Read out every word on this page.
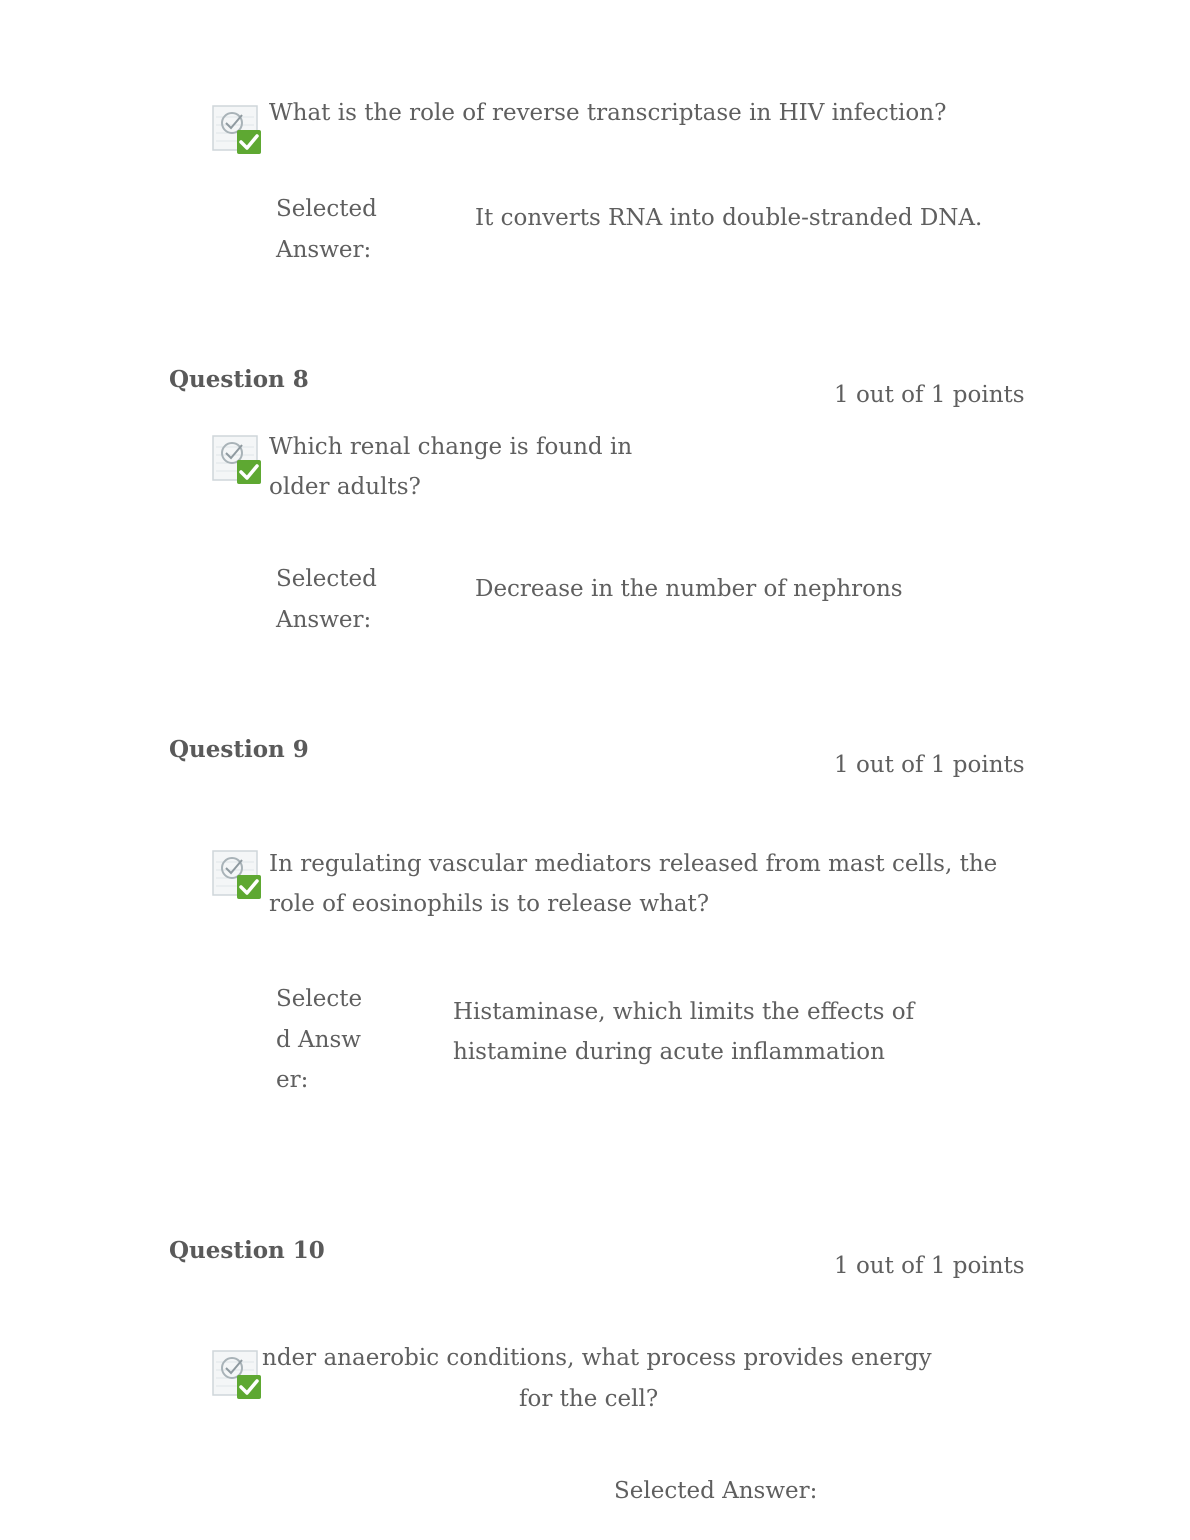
What is the role of reverse transcriptase in HIV infection?
Selected Answer:
It converts RNA into double-stranded DNA.
Question 8
1 out of 1 points
Which renal change is found in older adults?
Selected Answer:
Decrease in the number of nephrons
Question 9
1 out of 1 points
In regulating vascular mediators released from mast cells, the role of eosinophils is to release what?
Selected Answer:
Histaminase, which limits the effects of histamine during acute inflammation
Question 10
1 out of 1 points
nder anaerobic conditions, what process provides energy
for the cell?
Selected Answer:
